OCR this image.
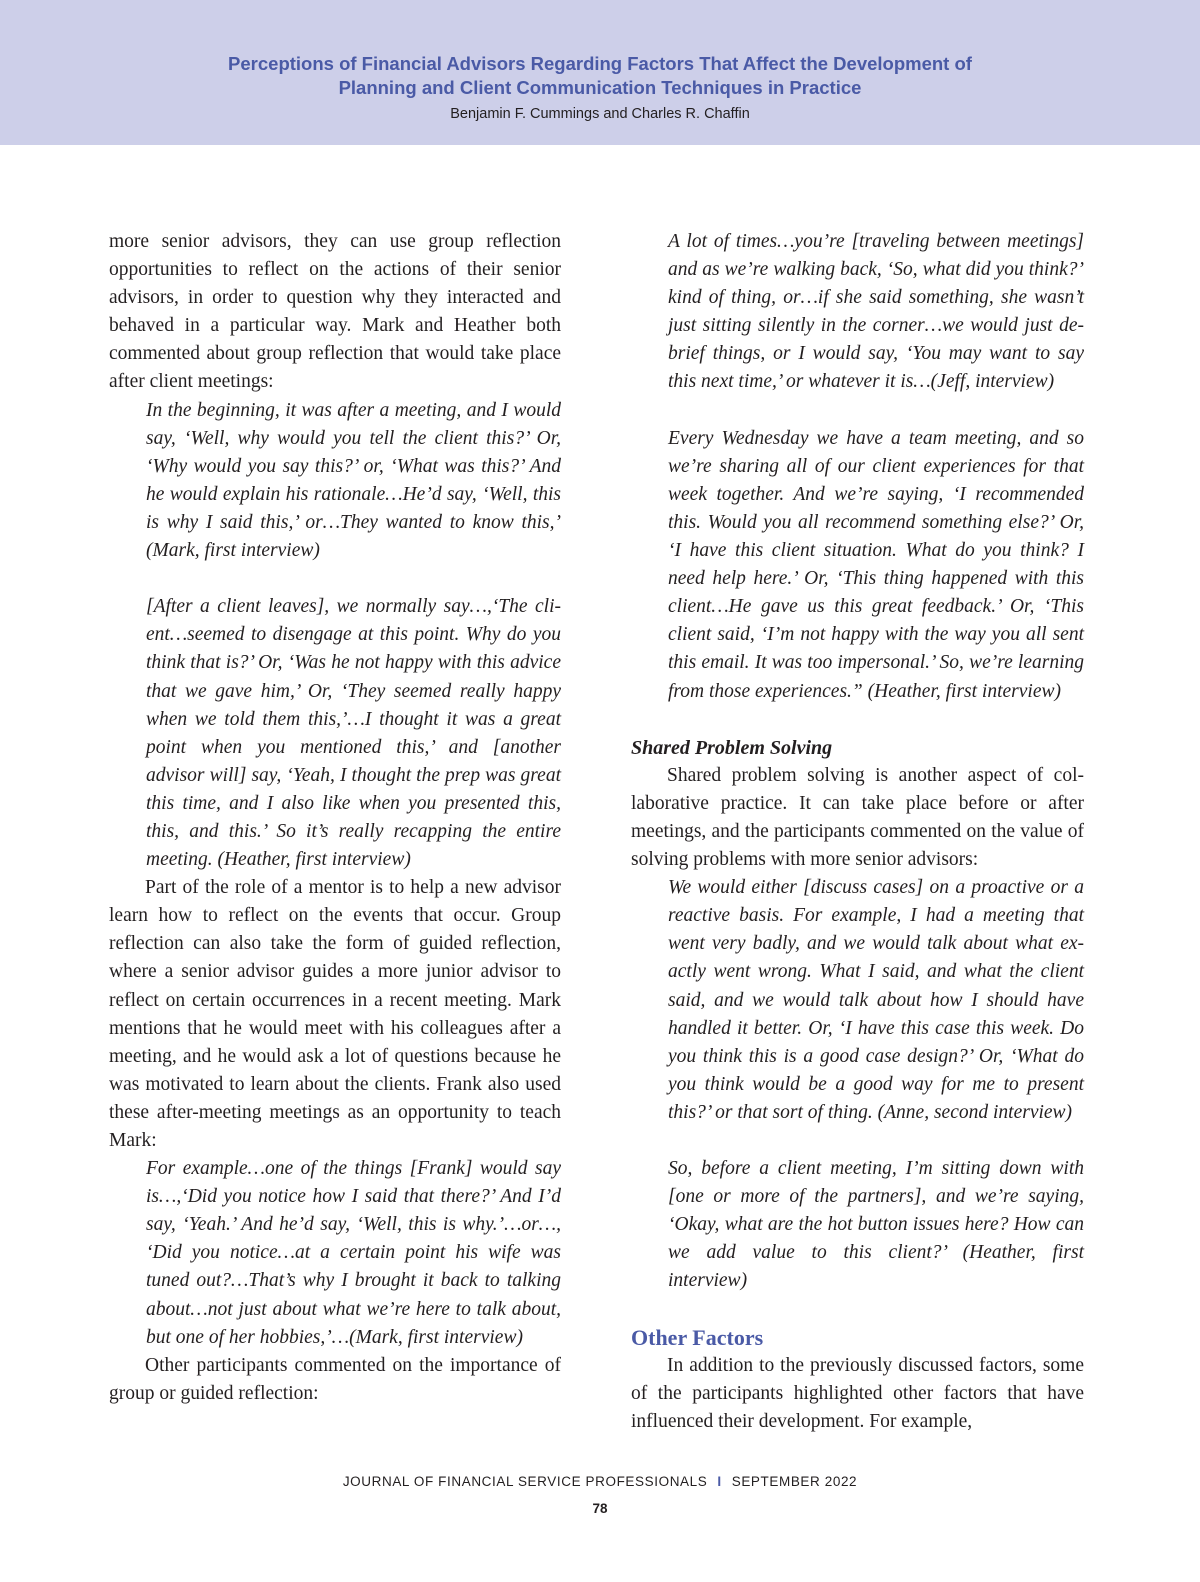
Perceptions of Financial Advisors Regarding Factors That Affect the Development of
Planning and Client Communication Techniques in Practice
Benjamin F. Cummings and Charles R. Chaffin

more senior advisors, they can use group reflection opportunities to reflect on the actions of their senior advisors, in order to question why they interacted and behaved in a particular way. Mark and Heather both commented about group reflection that would take place after client meetings:

In the beginning, it was after a meeting, and I would say, ‘Well, why would you tell the client this?’ Or, ‘Why would you say this?’ or, ‘What was this?’ And he would explain his rationale…He’d say, ‘Well, this is why I said this,’ or…They wanted to know this,’ (Mark, first interview)

[After a client leaves], we normally say…,‘The client…seemed to disengage at this point. Why do you think that is?’ Or, ‘Was he not happy with this advice that we gave him,’ Or, ‘They seemed really happy when we told them this,’…I thought it was a great point when you mentioned this,’ and [another advisor will] say, ‘Yeah, I thought the prep was great this time, and I also like when you presented this, this, and this.’ So it’s really recapping the entire meeting. (Heather, first interview)

Part of the role of a mentor is to help a new advisor learn how to reflect on the events that occur. Group reflection can also take the form of guided reflection, where a senior advisor guides a more junior advisor to reflect on certain occurrences in a recent meeting. Mark mentions that he would meet with his colleagues after a meeting, and he would ask a lot of questions because he was motivated to learn about the clients. Frank also used these after-meeting meetings as an opportunity to teach Mark:

For example…one of the things [Frank] would say is…,‘Did you notice how I said that there?’ And I’d say, ‘Yeah.’ And he’d say, ‘Well, this is why.’…or…, ‘Did you notice…at a certain point his wife was tuned out?…That’s why I brought it back to talking about…not just about what we’re here to talk about, but one of her hobbies,’…(Mark, first interview)

Other participants commented on the importance of group or guided reflection:

A lot of times…you’re [traveling between meetings] and as we’re walking back, ‘So, what did you think?’ kind of thing, or…if she said something, she wasn’t just sitting silently in the corner…we would just debrief things, or I would say, ‘You may want to say this next time,’ or whatever it is…(Jeff, interview)

Every Wednesday we have a team meeting, and so we’re sharing all of our client experiences for that week together. And we’re saying, ‘I recommended this. Would you all recommend something else?’ Or, ‘I have this client situation. What do you think? I need help here.’ Or, ‘This thing happened with this client…He gave us this great feedback.’ Or, ‘This client said, ‘I’m not happy with the way you all sent this email. It was too impersonal.’ So, we’re learning from those experiences.” (Heather, first interview)

Shared Problem Solving

Shared problem solving is another aspect of collaborative practice. It can take place before or after meetings, and the participants commented on the value of solving problems with more senior advisors:

We would either [discuss cases] on a proactive or a reactive basis. For example, I had a meeting that went very badly, and we would talk about what exactly went wrong. What I said, and what the client said, and we would talk about how I should have handled it better. Or, ‘I have this case this week. Do you think this is a good case design?’ Or, ‘What do you think would be a good way for me to present this?’ or that sort of thing. (Anne, second interview)

So, before a client meeting, I’m sitting down with [one or more of the partners], and we’re saying, ‘Okay, what are the hot button issues here? How can we add value to this client?’ (Heather, first interview)

Other Factors

In addition to the previously discussed factors, some of the participants highlighted other factors that have influenced their development. For example,

JOURNAL OF FINANCIAL SERVICE PROFESSIONALS I SEPTEMBER 2022
78
